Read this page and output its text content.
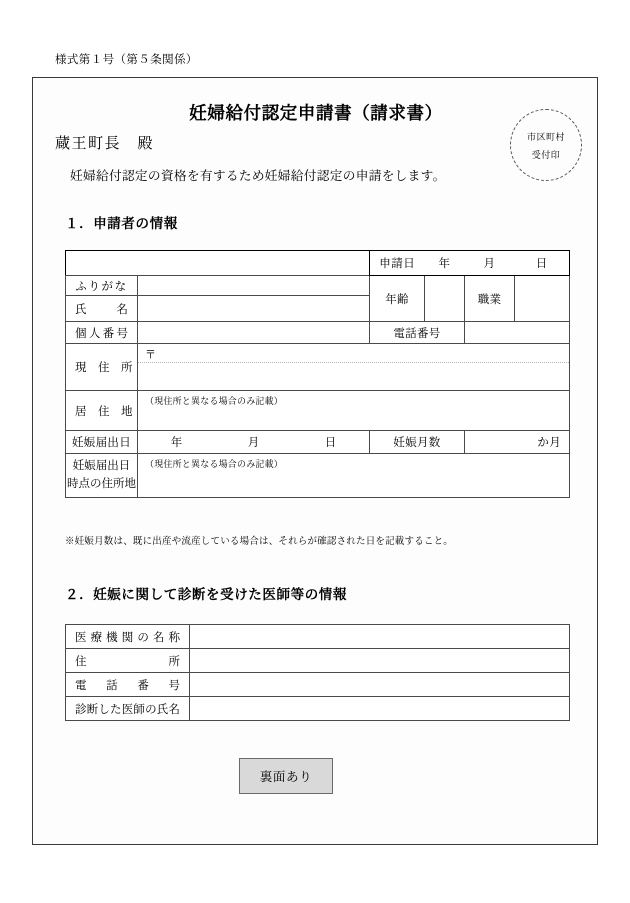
様式第１号（第５条関係）
妊婦給付認定申請書（請求書）
蔵王町長　殿
妊婦給付認定の資格を有するため妊婦給付認定の申請をします。
市区町村
受付印
１．申請者の情報
		申請日	年	月	日
ふりがな		年齢		職業	
氏　　名					
個人番号		電話番号			
現　住　所	〒				

居　住　地	（現住所と異なる場合のみ記載）				

妊娠届出日	年 月 日	妊娠月数		か月	

妊娠届出日
時点の住所地	（現住所と異なる場合のみ記載）				
※妊娠月数は、既に出産や流産している場合は、それらが確認された日を記載すること。
２．妊娠に関して診断を受けた医師等の情報
医療機関の名称	
住　　　　所	
電　話　番　号	
診断した医師の氏名	
裏面あり
